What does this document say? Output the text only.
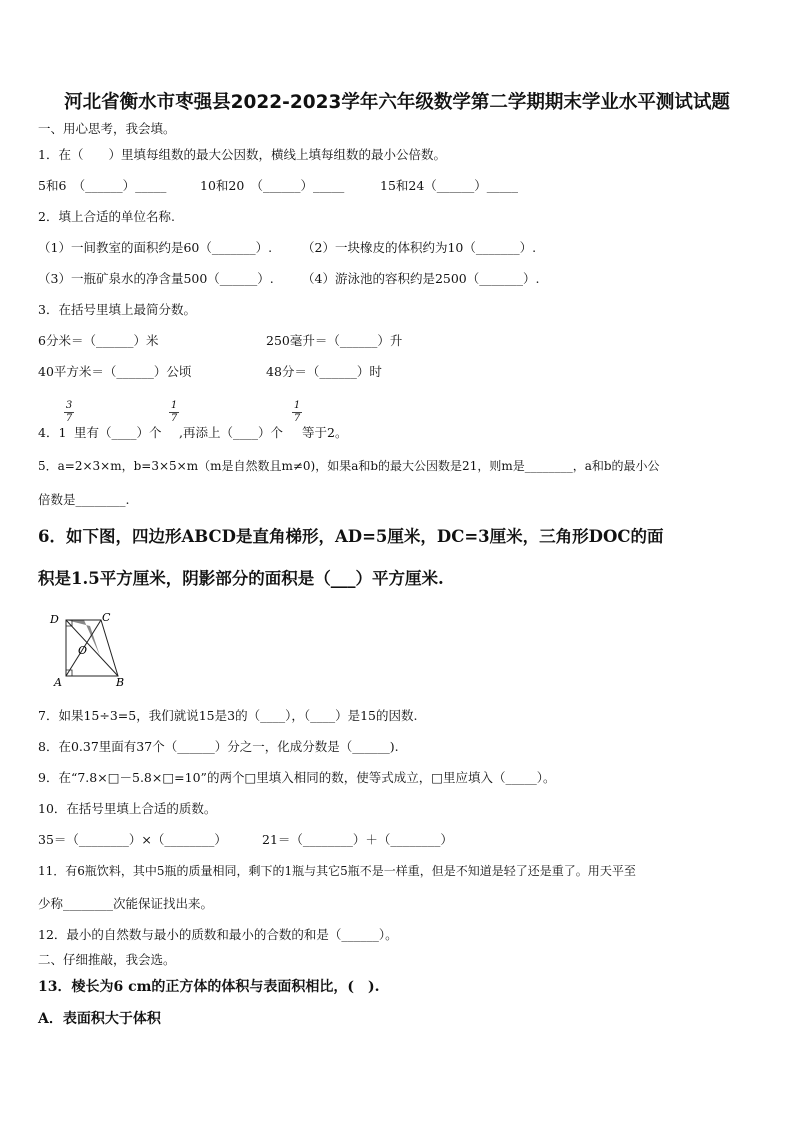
河北省衡水市枣强县2022-2023学年六年级数学第二学期期末学业水平测试试题
一、用心思考，我会填。
1．在（　　）里填每组数的最大公因数，横线上填每组数的最小公倍数。
5和6　（______）_____	10和20　（______）_____	15和24（______）_____
2．填上合适的单位名称.
（1）一间教室的面积约是60（_______）. （2）一块橡皮的体积约为10（_______）.
（3）一瓶矿泉水的净含量500（______）. （4）游泳池的容积约是2500（_______）.
3．在括号里填上最简分数。
6分米＝（______）米	250毫升＝（______）升
40平方米＝（______）公顷	48分＝（______）时
3
7
1
7
1
7
4．1 里有（____）个 ,再添上（____）个 等于2。
5．a=2×3×m，b=3×5×m（m是自然数且m≠0)，如果a和b的最大公因数是21，则m是________，a和b的最小公
倍数是________.
6．如下图，四边形ABCD是直角梯形，AD=5厘米，DC=3厘米，三角形DOC的面
积是1.5平方厘米，阴影部分的面积是（___）平方厘米.
D	C
O
A	B
7．如果15÷3=5，我们就说15是3的（____），（____）是15的因数.
8．在0.37里面有37个（______）分之一，化成分数是（______).
9．在“7.8×□－5.8×□=10”的两个□里填入相同的数，使等式成立，□里应填入（_____）。
10．在括号里填上合适的质数。
35＝（________）×（________）	21＝（________）＋（________）
11．有6瓶饮料，其中5瓶的质量相同，剩下的1瓶与其它5瓶不是一样重，但是不知道是轻了还是重了。用天平至
少称________次能保证找出来。
12．最小的自然数与最小的质数和最小的合数的和是（______）。
二、仔细推敲，我会选。
13．棱长为6 cm的正方体的体积与表面积相比，(　).
A．表面积大于体积
